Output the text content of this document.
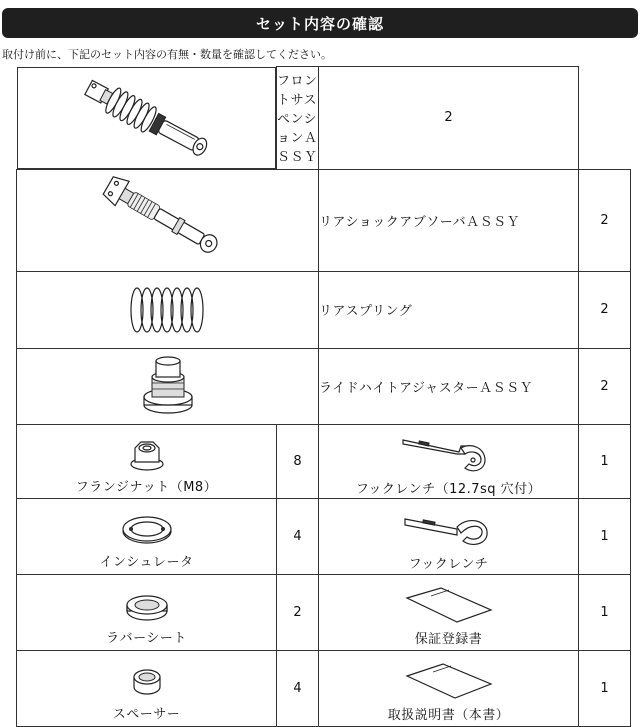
セット内容の確認
取付け前に、下記のセット内容の有無・数量を確認してください。
フロントサスペンションＡＳＳＹ	2	

	リアショックアブソーバＡＳＳＹ	2

	リアスプリング	2

	ライドハイトアジャスターＡＳＳＹ	2

フランジナット（M8）	8	フックレンチ（12.7sq 穴付）	1

インシュレータ	4	フックレンチ	1

ラバーシート	2	保証登録書	1

スペーサー	4	取扱説明書（本書）	1
